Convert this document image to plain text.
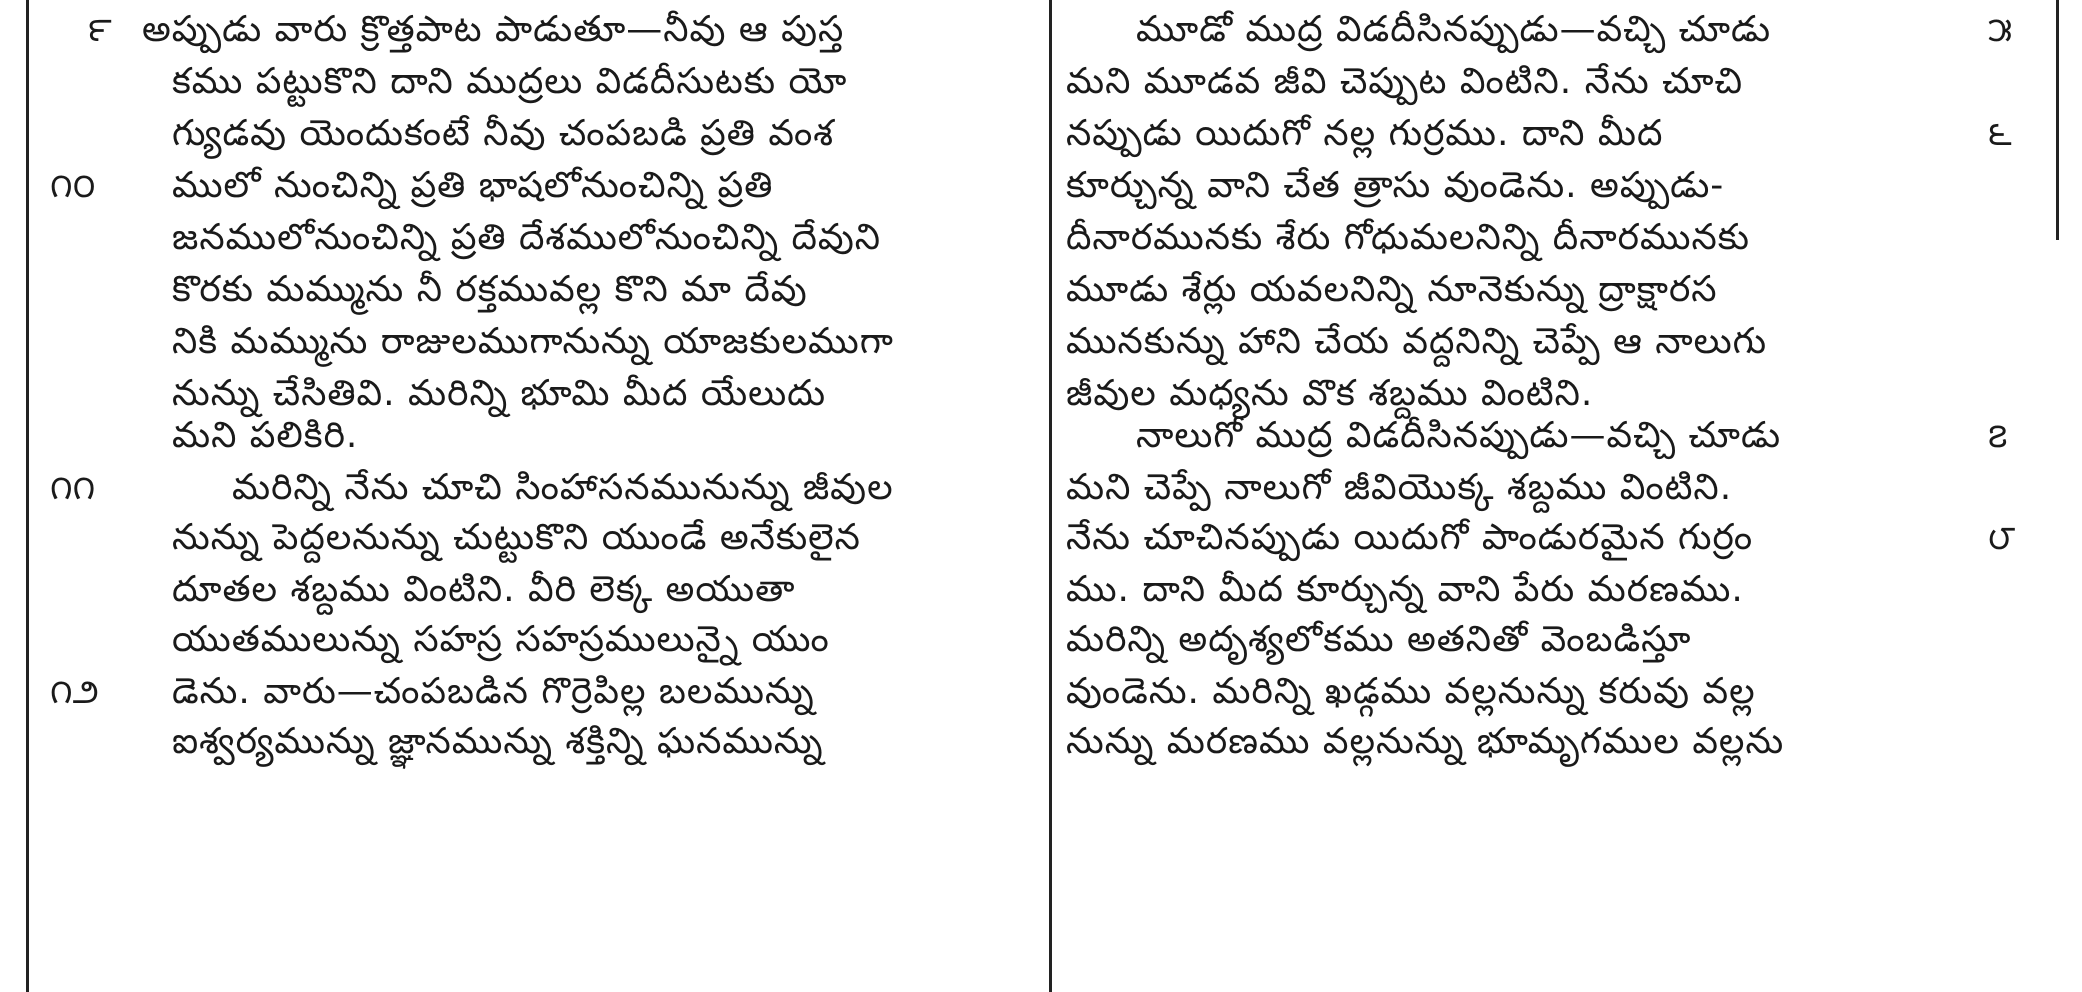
౯
౧౦
౧౧
౧౨
అప్పుడు వారు క్రొత్తపాట పాడుతూ—నీవు ఆ పుస్త
కము పట్టుకొని దాని ముద్రలు విడదీసుటకు యో
గ్యుడవు యెందుకంటే నీవు చంపబడి ప్రతి వంశ
ములో నుంచిన్ని ప్రతి భాషలోనుంచిన్ని ప్రతి
జనములోనుంచిన్ని ప్రతి దేశములోనుంచిన్ని దేవుని
కొరకు మమ్మును నీ రక్తమువల్ల కొని మా దేవు
నికి మమ్మును రాజులముగానున్ను యాజకులముగా
నున్ను చేసితివి. మరిన్ని భూమి మీద యేలుదు
మని పలికిరి.
మరిన్ని నేను చూచి సింహాసనమునున్ను జీవుల
నున్ను పెద్దలనున్ను చుట్టుకొని యుండే అనేకులైన
దూతల శబ్దము వింటిని. వీరి లెక్క అయుతా
యుతములున్ను సహస్ర సహస్రములున్నై యుం
డెను. వారు—చంపబడిన గొర్రెపిల్ల బలమున్ను
ఐశ్వర్యమున్ను జ్ఞానమున్ను శక్తిన్ని ఘనమున్ను
౫
౬
౭
౮
మూడో ముద్ర విడదీసినప్పుడు—వచ్చి చూడు
మని మూడవ జీవి చెప్పుట వింటిని. నేను చూచి
నప్పుడు యిదుగో నల్ల గుర్రము. దాని మీద
కూర్చున్న వాని చేత త్రాసు వుండెను. అప్పుడు-
దీనారమునకు శేరు గోధుమలనిన్ని దీనారమునకు
మూడు శేర్లు యవలనిన్ని నూనెకున్ను ద్రాక్షారస
మునకున్ను హాని చేయ వద్దనిన్ని చెప్పే ఆ నాలుగు
జీవుల మధ్యను వొక శబ్దము వింటిని.
నాలుగో ముద్ర విడదీసినప్పుడు—వచ్చి చూడు
మని చెప్పే నాలుగో జీవియొక్క శబ్దము వింటిని.
నేను చూచినప్పుడు యిదుగో పాండురమైన గుర్రం
ము. దాని మీద కూర్చున్న వాని పేరు మరణము.
మరిన్ని అదృశ్యలోకము అతనితో వెంబడిస్తూ
వుండెను. మరిన్ని ఖడ్గము వల్లనున్ను కరువు వల్ల
నున్ను మరణము వల్లనున్ను భూమృగముల వల్లను
